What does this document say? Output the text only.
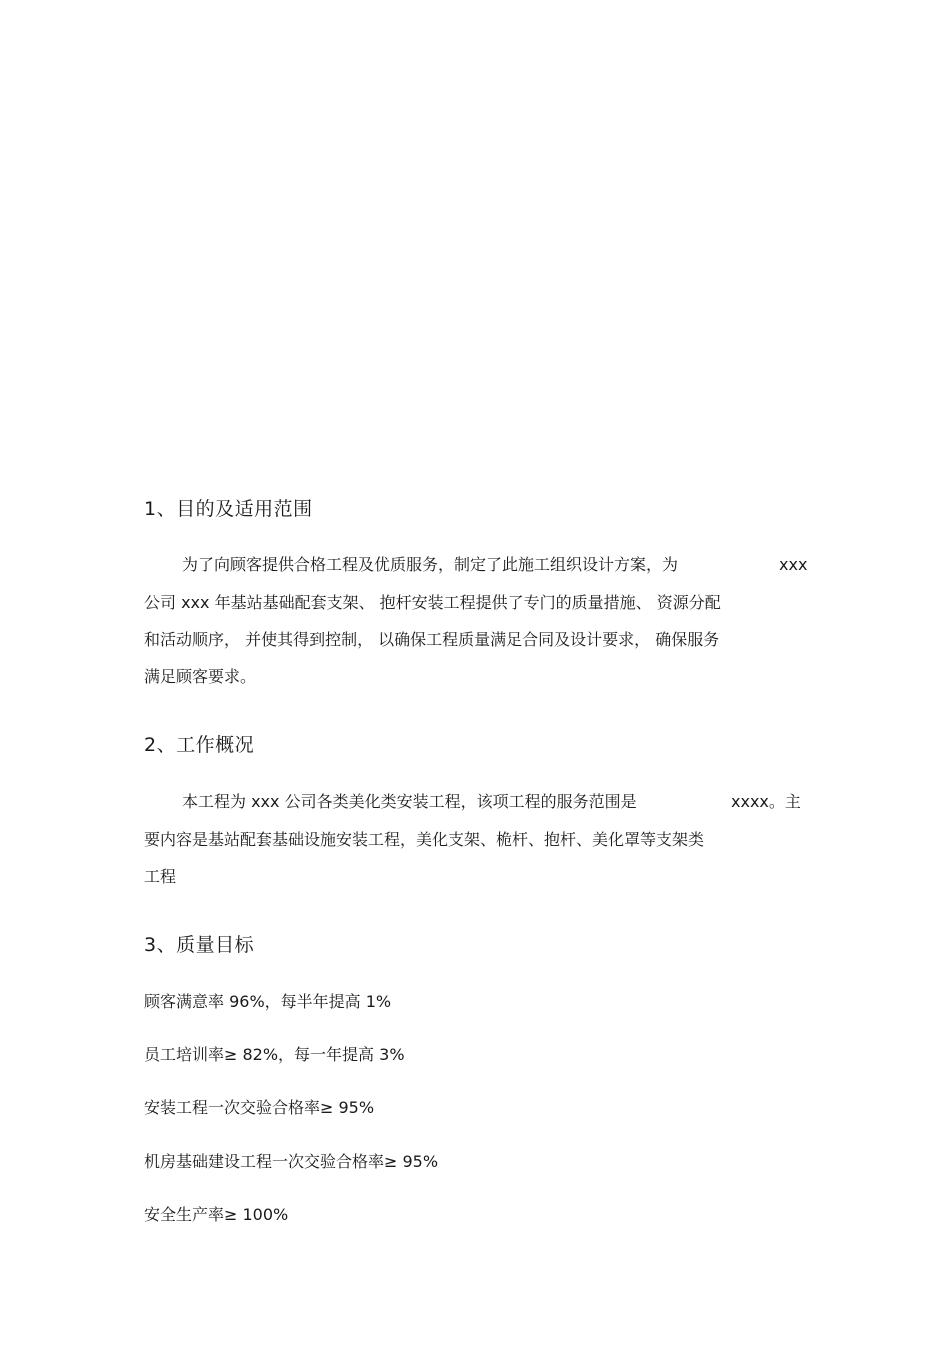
1、目的及适用范围
为了向顾客提供合格工程及优质服务，制定了此施工组织设计方案，为	xxx
公司 xxx 年基站基础配套支架、 抱杆安装工程提供了专门的质量措施、 资源分配
和活动顺序， 并使其得到控制， 以确保工程质量满足合同及设计要求， 确保服务
满足顾客要求。
2、工作概况
本工程为 xxx 公司各类美化类安装工程，该项工程的服务范围是	xxxx。主
要内容是基站配套基础设施安装工程，美化支架、桅杆、抱杆、美化罩等支架类
工程
3、质量目标
顾客满意率 96%，每半年提高 1%
员工培训率≥ 82%，每一年提高 3%
安装工程一次交验合格率≥ 95%
机房基础建设工程一次交验合格率≥ 95%
安全生产率≥ 100%
